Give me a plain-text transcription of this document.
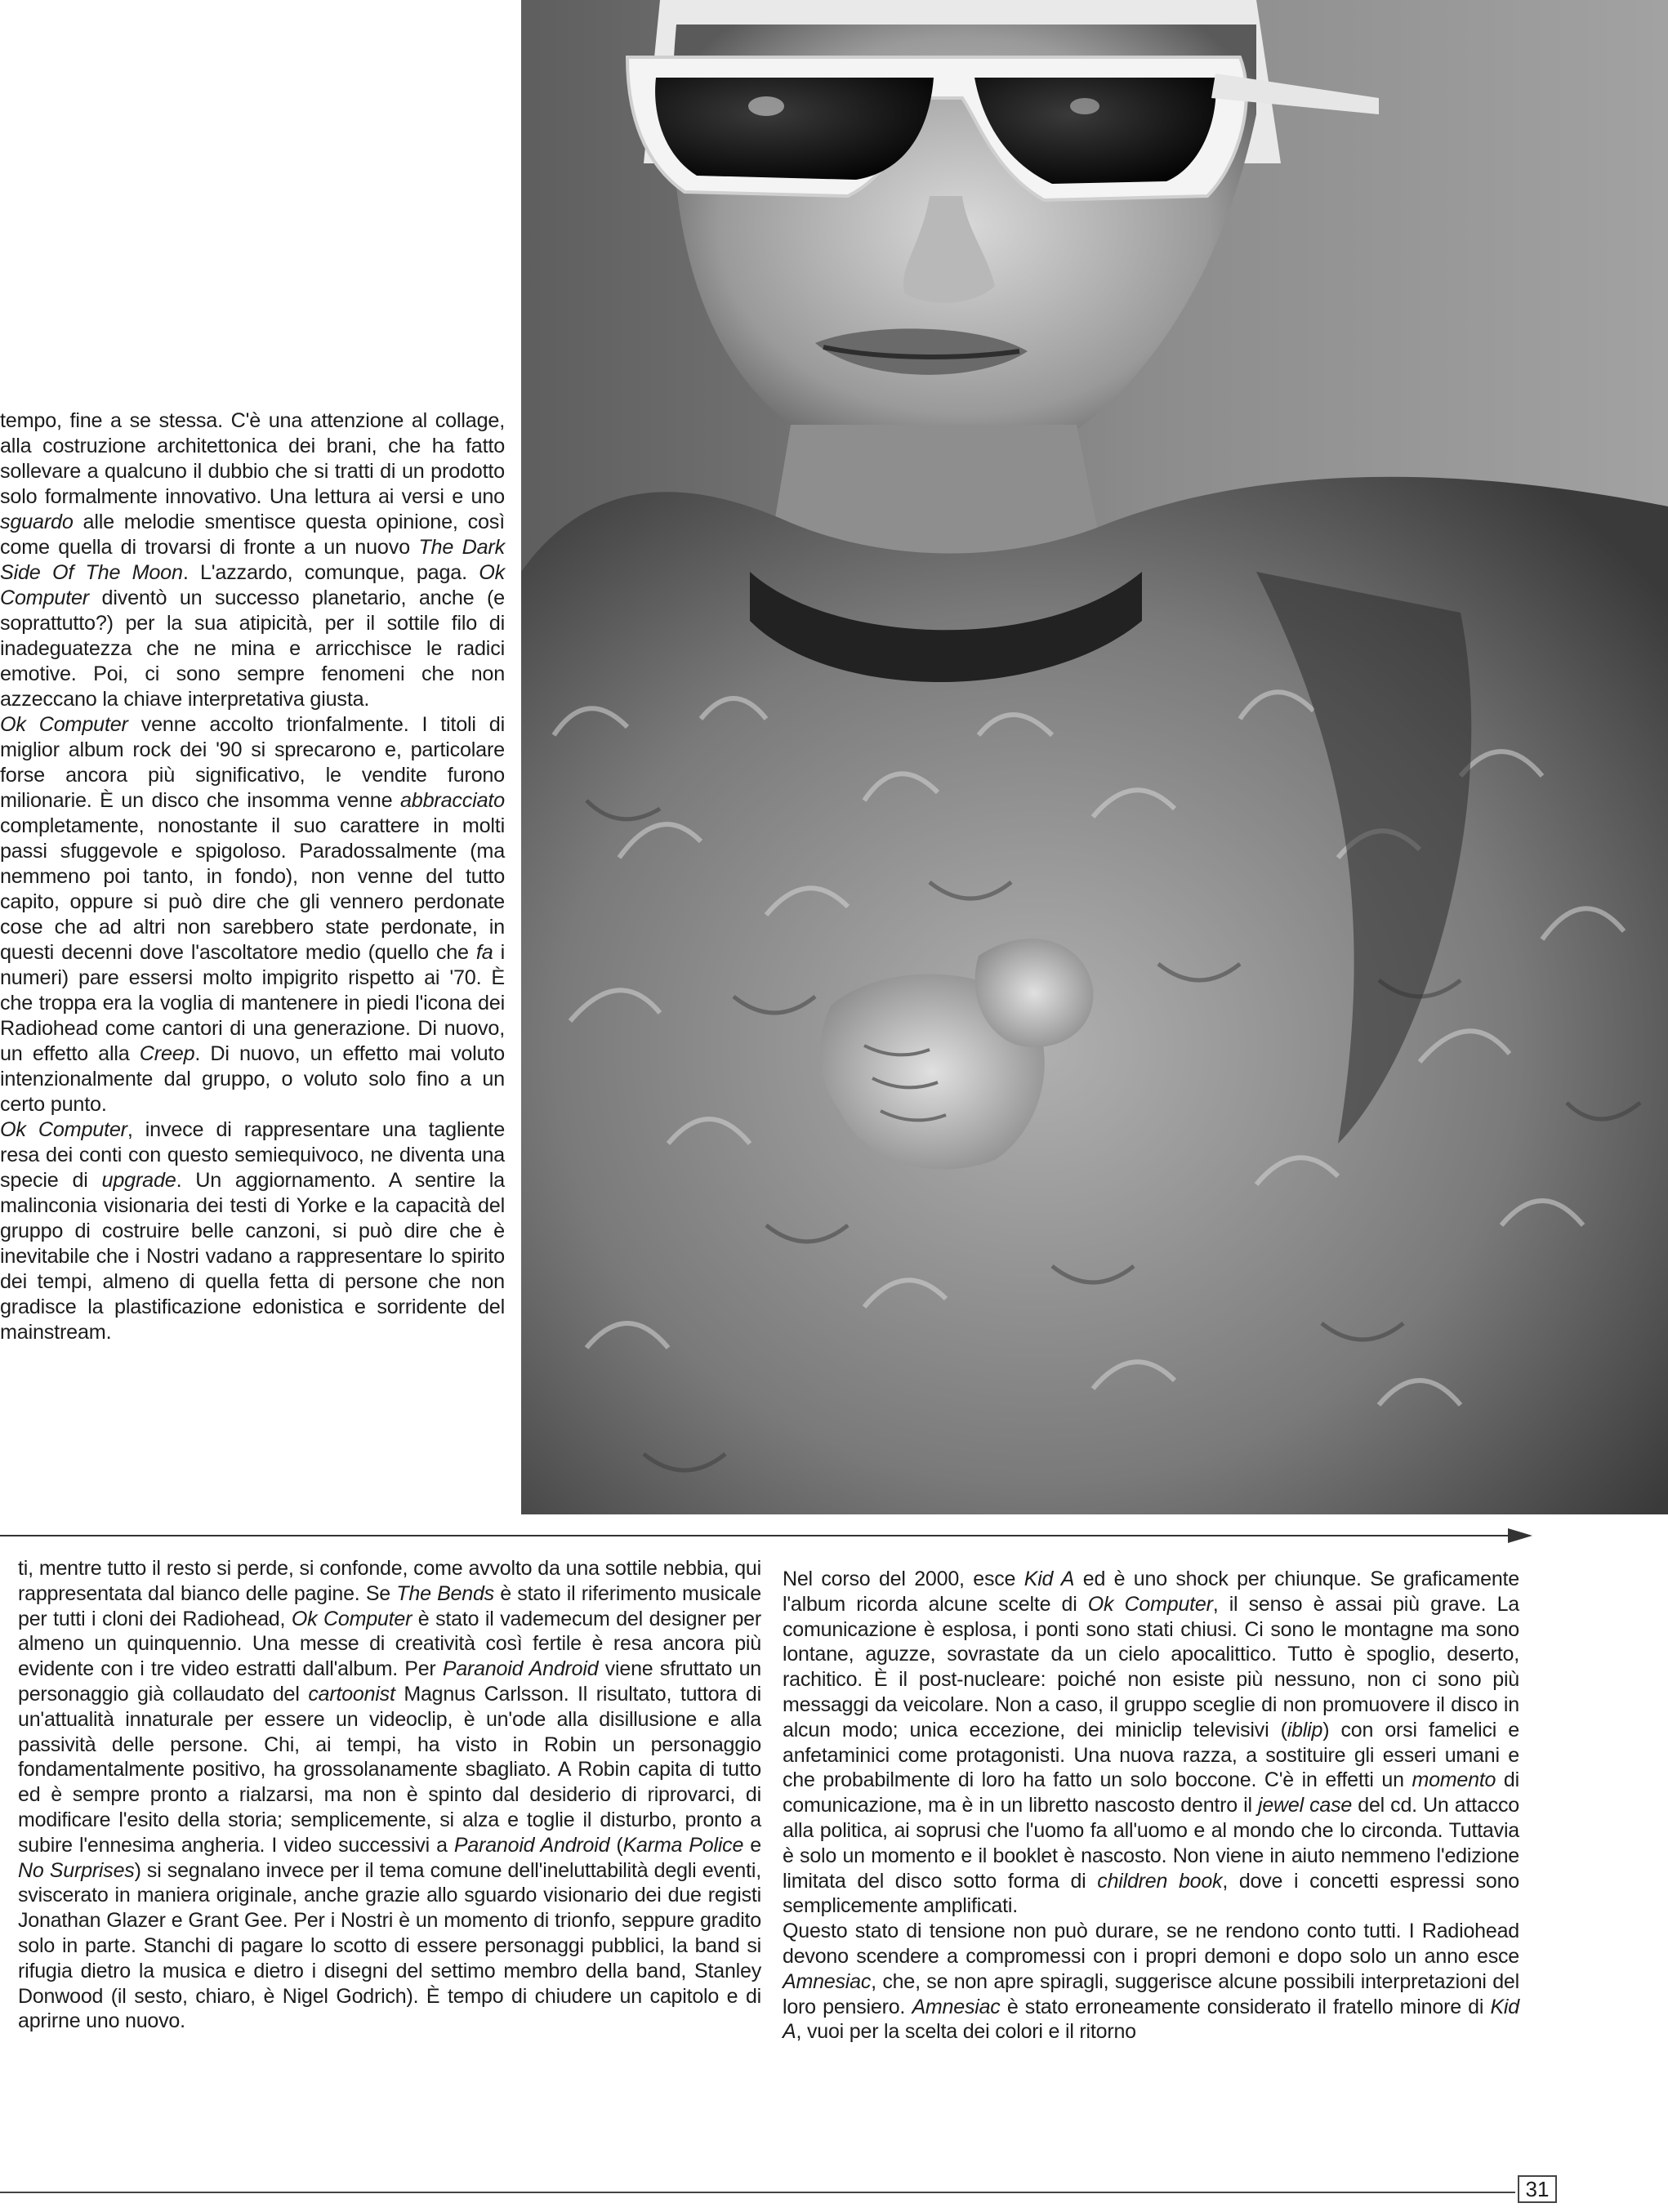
tempo, fine a se stessa. C'è una attenzione al collage, alla costruzione architettonica dei brani, che ha fatto sollevare a qualcuno il dubbio che si tratti di un prodotto solo formalmente innovativo. Una lettura ai versi e uno sguardo alle melodie smentisce questa opinione, così come quella di trovarsi di fronte a un nuovo The Dark Side Of The Moon. L'azzardo, comunque, paga. Ok Computer diventò un successo planetario, anche (e soprattutto?) per la sua atipicità, per il sottile filo di inadeguatezza che ne mina e arricchisce le radici emotive. Poi, ci sono sempre fenomeni che non azzeccano la chiave interpretativa giusta.
Ok Computer venne accolto trionfalmente. I titoli di miglior album rock dei '90 si sprecarono e, particolare forse ancora più significativo, le vendite furono milionarie. È un disco che insomma venne abbracciato completamente, nonostante il suo carattere in molti passi sfuggevole e spigoloso. Paradossalmente (ma nemmeno poi tanto, in fondo), non venne del tutto capito, oppure si può dire che gli vennero perdonate cose che ad altri non sarebbero state perdonate, in questi decenni dove l'ascoltatore medio (quello che fa i numeri) pare essersi molto impigrito rispetto ai '70. È che troppa era la voglia di mantenere in piedi l'icona dei Radiohead come cantori di una generazione. Di nuovo, un effetto alla Creep. Di nuovo, un effetto mai voluto intenzionalmente dal gruppo, o voluto solo fino a un certo punto.
Ok Computer, invece di rappresentare una tagliente resa dei conti con questo semiequivoco, ne diventa una specie di upgrade. Un aggiornamento. A sentire la malinconia visionaria dei testi di Yorke e la capacità del gruppo di costruire belle canzoni, si può dire che è inevitabile che i Nostri vadano a rappresentare lo spirito dei tempi, almeno di quella fetta di persone che non gradisce la plastificazione edonistica e sorridente del mainstream.
ti, mentre tutto il resto si perde, si confonde, come avvolto da una sottile nebbia, qui rappresentata dal bianco delle pagine. Se The Bends è stato il riferimento musicale per tutti i cloni dei Radiohead, Ok Computer è stato il vademecum del designer per almeno un quinquennio. Una messe di creatività così fertile è resa ancora più evidente con i tre video estratti dall'album. Per Paranoid Android viene sfruttato un personaggio già collaudato del cartoonist Magnus Carlsson. Il risultato, tuttora di un'attualità innaturale per essere un videoclip, è un'ode alla disillusione e alla passività delle persone. Chi, ai tempi, ha visto in Robin un personaggio fondamentalmente positivo, ha grossolanamente sbagliato. A Robin capita di tutto ed è sempre pronto a rialzarsi, ma non è spinto dal desiderio di riprovarci, di modificare l'esito della storia; semplicemente, si alza e toglie il disturbo, pronto a subire l'ennesima angheria. I video successivi a Paranoid Android (Karma Police e No Surprises) si segnalano invece per il tema comune dell'ineluttabilità degli eventi, sviscerato in maniera originale, anche grazie allo sguardo visionario dei due registi Jonathan Glazer e Grant Gee. Per i Nostri è un momento di trionfo, seppure gradito solo in parte. Stanchi di pagare lo scotto di essere personaggi pubblici, la band si rifugia dietro la musica e dietro i disegni del settimo membro della band, Stanley Donwood (il sesto, chiaro, è Nigel Godrich). È tempo di chiudere un capitolo e di aprirne uno nuovo.
Nel corso del 2000, esce Kid A ed è uno shock per chiunque. Se graficamente l'album ricorda alcune scelte di Ok Computer, il senso è assai più grave. La comunicazione è esplosa, i ponti sono stati chiusi. Ci sono le montagne ma sono lontane, aguzze, sovrastate da un cielo apocalittico. Tutto è spoglio, deserto, rachitico. È il post-nucleare: poiché non esiste più nessuno, non ci sono più messaggi da veicolare. Non a caso, il gruppo sceglie di non promuovere il disco in alcun modo; unica eccezione, dei miniclip televisivi (iblip) con orsi famelici e anfetaminici come protagonisti. Una nuova razza, a sostituire gli esseri umani e che probabilmente di loro ha fatto un solo boccone. C'è in effetti un momento di comunicazione, ma è in un libretto nascosto dentro il jewel case del cd. Un attacco alla politica, ai soprusi che l'uomo fa all'uomo e al mondo che lo circonda. Tuttavia è solo un momento e il booklet è nascosto. Non viene in aiuto nemmeno l'edizione limitata del disco sotto forma di children book, dove i concetti espressi sono semplicemente amplificati.
Questo stato di tensione non può durare, se ne rendono conto tutti. I Radiohead devono scendere a compromessi con i propri demoni e dopo solo un anno esce Amnesiac, che, se non apre spiragli, suggerisce alcune possibili interpretazioni del loro pensiero. Amnesiac è stato erroneamente considerato il fratello minore di Kid A, vuoi per la scelta dei colori e il ritorno
31
